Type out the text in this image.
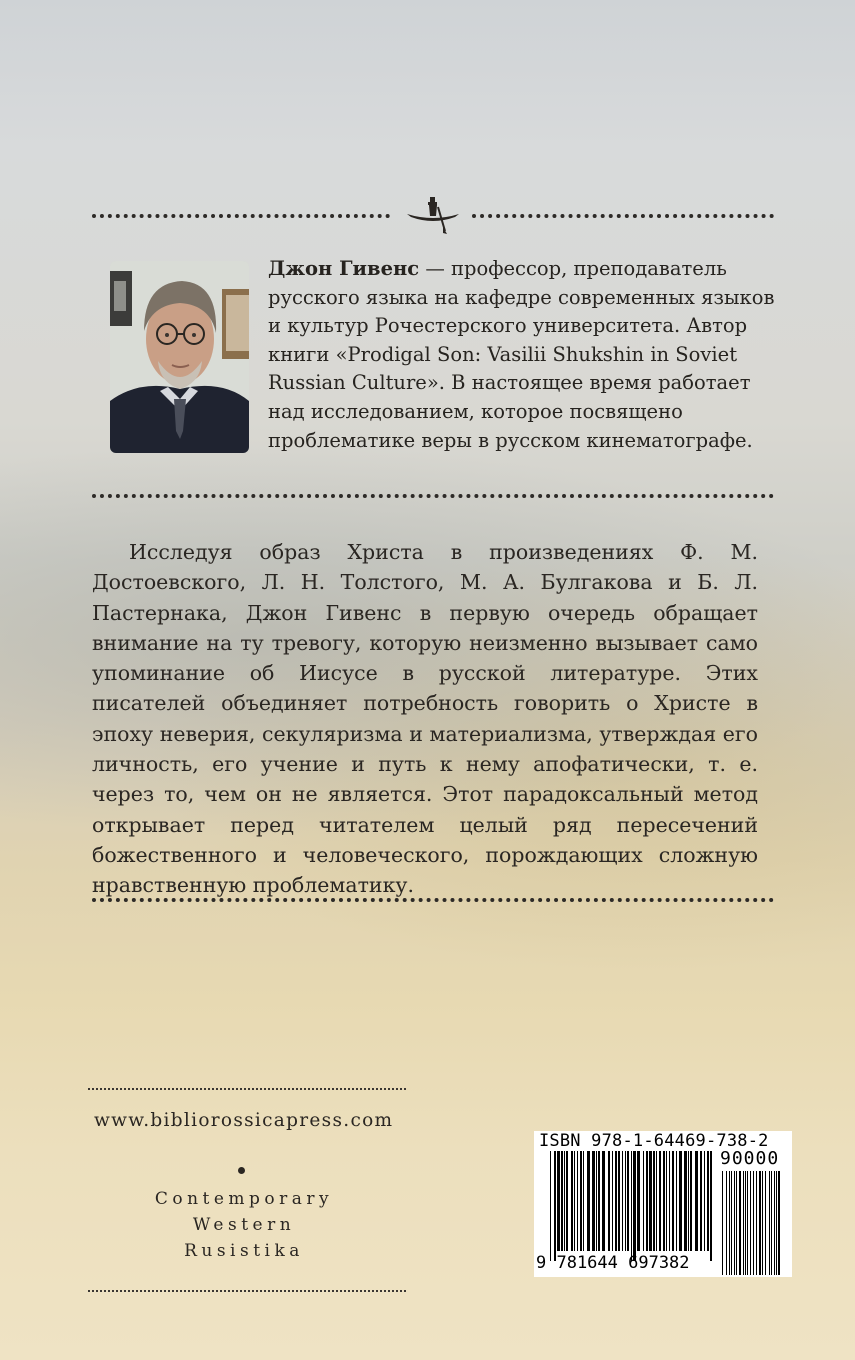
Джон Гивенс — профессор, преподаватель русского языка на кафедре современных языков и культур Рочестерского университета. Автор книги «Prodigal Son: Vasilii Shukshin in Soviet Russian Culture». В настоящее время работает над исследованием, которое посвящено проблематике веры в русском кинематографе.

Исследуя образ Христа в произведениях Ф. М. Достоевского, Л. Н. Толстого, М. А. Булгакова и Б. Л. Пастернака, Джон Гивенс в первую очередь обращает внимание на ту тревогу, которую неизменно вызывает само упоминание об Иисусе в русской литературе. Этих писателей объединяет потребность говорить о Христе в эпоху неверия, секуляризма и материализма, утверждая его личность, его учение и путь к нему апофатически, т. е. через то, чем он не является. Этот парадоксальный метод открывает перед читателем целый ряд пересечений божественного и человеческого, порождающих сложную нравственную проблематику.

www.bibliorossicapress.com
Contemporary
Western
Rusistika
ISBN 978-1-64469-738-2
90000
9 781644 697382
